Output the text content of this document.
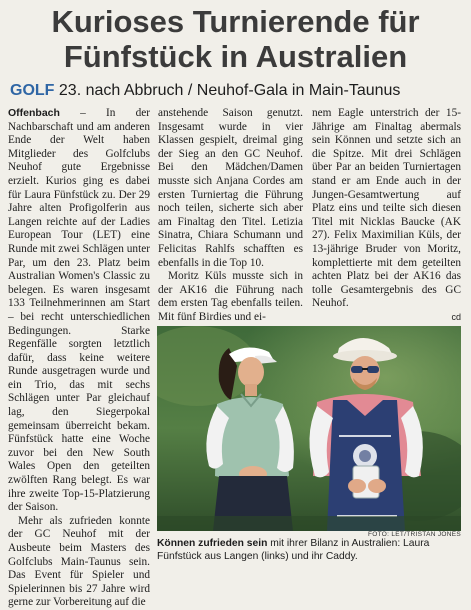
Kurioses Turnierende für
Fünfstück in Australien
GOLF 23. nach Abbruch / Neuhof-Gala in Main-Taunus

Offenbach – In der Nachbarschaft und am anderen Ende der Welt haben Mitglieder des Golfclubs Neuhof gute Ergebnisse erzielt. Kurios ging es dabei für Laura Fünfstück zu. Der 29 Jahre alten Profigolferin aus Langen reichte auf der Ladies European Tour (LET) eine Runde mit zwei Schlägen unter Par, um den 23. Platz beim Australian Women's Classic zu belegen. Es waren insgesamt 133 Teilnehmerinnen am Start – bei recht unterschiedlichen Bedingungen. Starke Regenfälle sorgten letztlich dafür, dass keine weitere Runde ausgetragen wurde und ein Trio, das mit sechs Schlägen unter Par gleichauf lag, den Siegerpokal gemeinsam überreicht bekam. Fünfstück hatte eine Woche zuvor bei den New South Wales Open den geteilten zwölften Rang belegt. Es war ihre zweite Top-15-Platzierung der Saison.

Mehr als zufrieden konnte der GC Neuhof mit der Ausbeute beim Masters des Golfclubs Main-Taunus sein. Das Event für Spieler und Spielerinnen bis 27 Jahre wird gerne zur Vorbereitung auf die

anstehende Saison genutzt. Insgesamt wurde in vier Klassen gespielt, dreimal ging der Sieg an den GC Neuhof. Bei den Mädchen/Damen musste sich Anjana Cordes am ersten Turniertag die Führung noch teilen, sicherte sich aber am Finaltag den Titel. Letizia Sinatra, Chiara Schumann und Felicitas Rahlfs schafften es ebenfalls in die Top 10.

Moritz Küls musste sich in der AK16 die Führung nach dem ersten Tag ebenfalls teilen. Mit fünf Birdies und ei-

nem Eagle unterstrich der 15-Jährige am Finaltag abermals sein Können und setzte sich an die Spitze. Mit drei Schlägen über Par an beiden Turniertagen stand er am Ende auch in der Jungen-Gesamtwertung auf Platz eins und teilte sich diesen Titel mit Nicklas Baucke (AK 27). Felix Maximilian Küls, der 13-jährige Bruder von Moritz, komplettierte mit dem geteilten achten Platz bei der AK16 das tolle Gesamtergebnis des GC Neuhof.

cd
FOTO: LET/TRISTAN JONES
Können zufrieden sein mit ihrer Bilanz in Australien: Laura Fünfstück aus Langen (links) und ihr Caddy.
